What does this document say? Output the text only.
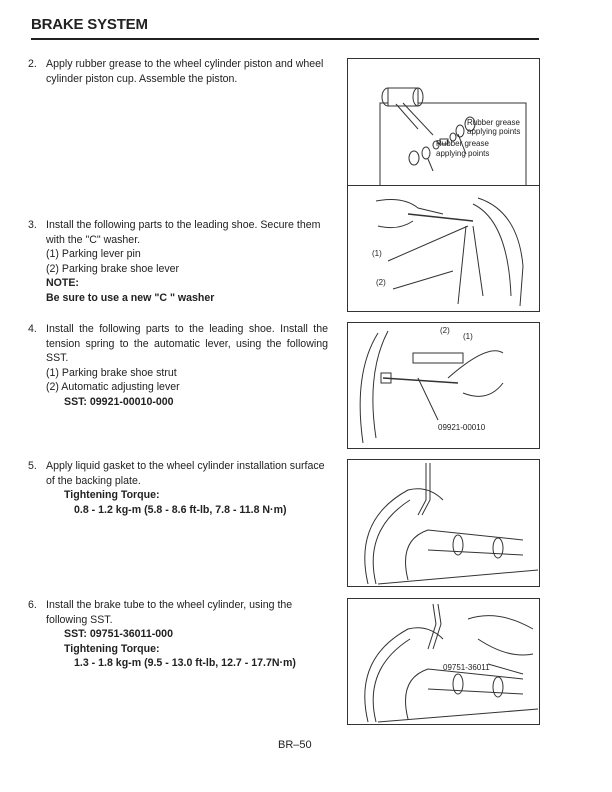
BRAKE SYSTEM
2. Apply rubber grease to the wheel cylinder piston and wheel cylinder piston cup. Assemble the piston.
3. Install the following parts to the leading shoe. Secure them with the "C" washer.
(1) Parking lever pin
(2) Parking brake shoe lever
NOTE:
Be sure to use a new "C " washer
4. Install the following parts to the leading shoe. Install the tension spring to the automatic lever, using the following SST.
(1) Parking brake shoe strut
(2) Automatic adjusting lever
SST: 09921-00010-000
5. Apply liquid gasket to the wheel cylinder installation surface of the backing plate.
Tightening Torque:
0.8 - 1.2 kg-m (5.8 - 8.6 ft-lb, 7.8 - 11.8 N·m)
6. Install the brake tube to the wheel cylinder, using the following SST.
SST: 09751-36011-000
Tightening Torque:
1.3 - 1.8 kg-m (9.5 - 13.0 ft-lb, 12.7 - 17.7N·m)
Rubber grease
applying points
Rubber grease
applying points
(1)
(2)
(2)
(1)
09921-00010
09751-36011
BR–50
